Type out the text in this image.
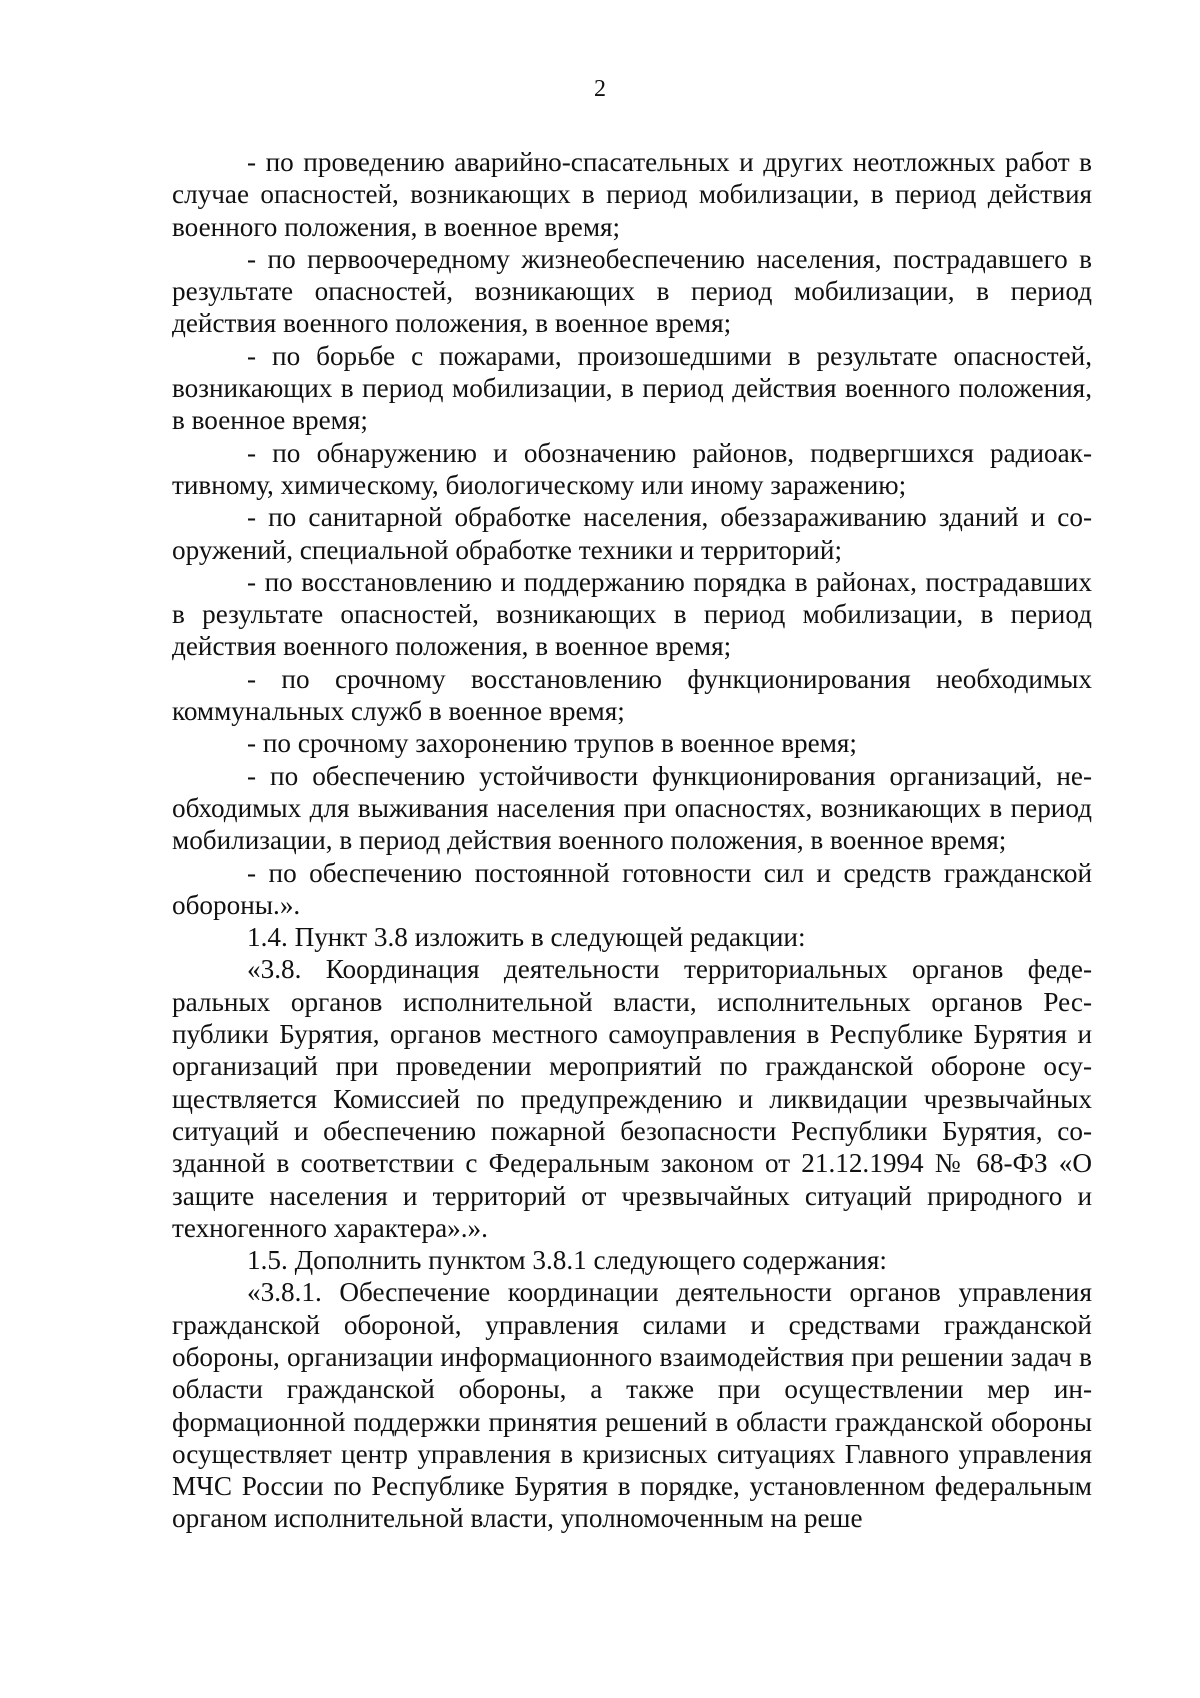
2

- по проведению аварийно-спасательных и других неотложных работ в случае опасностей, возникающих в период мобилизации, в период действия военного положения, в военное время;

- по первоочередному жизнеобеспечению населения, пострадавшего в результате опасностей, возникающих в период мобилизации, в период действия военного положения, в военное время;

- по борьбе с пожарами, произошедшими в результате опасностей, возникающих в период мобилизации, в период действия военного положения, в военное время;

- по обнаружению и обозначению районов, подвергшихся радиоактивному, химическому, биологическому или иному заражению;

- по санитарной обработке населения, обеззараживанию зданий и сооружений, специальной обработке техники и территорий;

- по восстановлению и поддержанию порядка в районах, пострадавших в результате опасностей, возникающих в период мобилизации, в период действия военного положения, в военное время;

- по срочному восстановлению функционирования необходимых коммунальных служб в военное время;

- по срочному захоронению трупов в военное время;

- по обеспечению устойчивости функционирования организаций, необходимых для выживания населения при опасностях, возникающих в период мобилизации, в период действия военного положения, в военное время;

- по обеспечению постоянной готовности сил и средств гражданской обороны.».

1.4. Пункт 3.8 изложить в следующей редакции:

«3.8. Координация деятельности территориальных органов федеральных органов исполнительной власти, исполнительных органов Республики Бурятия, органов местного самоуправления в Республике Бурятия и организаций при проведении мероприятий по гражданской обороне осуществляется Комиссией по предупреждению и ликвидации чрезвычайных ситуаций и обеспечению пожарной безопасности Республики Бурятия, созданной в соответствии с Федеральным законом от 21.12.1994 № 68-ФЗ «О защите населения и территорий от чрезвычайных ситуаций природного и техногенного характера».».

1.5. Дополнить пунктом 3.8.1 следующего содержания:

«3.8.1. Обеспечение координации деятельности органов управления гражданской обороной, управления силами и средствами гражданской обороны, организации информационного взаимодействия при решении задач в области гражданской обороны, а также при осуществлении мер информационной поддержки принятия решений в области гражданской обороны осуществляет центр управления в кризисных ситуациях Главного управления МЧС России по Республике Бурятия в порядке, установленном федеральным органом исполнительной власти, уполномоченным на реше
